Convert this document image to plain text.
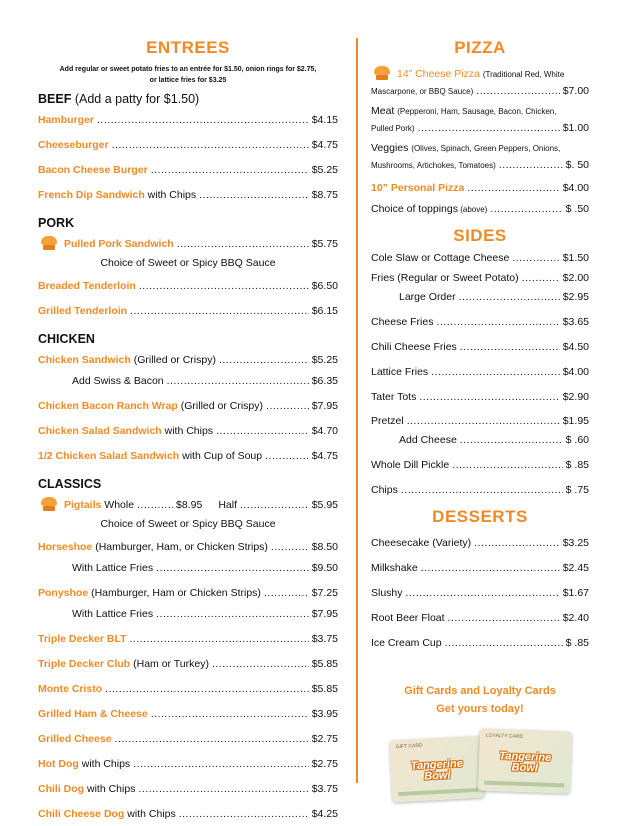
ENTREES
Add regular or sweet potato fries to an entrée for $1.50, onion rings for $2.75,
or lattice fries for $3.25
BEEF (Add a patty for $1.50)
Hamburger .....	$4.15
Cheeseburger .....	$4.75
Bacon Cheese Burger .....	$5.25
French Dip Sandwich with Chips .....	$8.75
PORK
Pulled Pork Sandwich .....	$5.75
Choice of Sweet or Spicy BBQ Sauce
Breaded Tenderloin .....	$6.50
Grilled Tenderloin .....	$6.15
CHICKEN
Chicken Sandwich (Grilled or Crispy) .....	$5.25
Add Swiss & Bacon .....	$6.35
Chicken Bacon Ranch Wrap (Grilled or Crispy) .....	$7.95
Chicken Salad Sandwich with Chips .....	$4.70
1/2 Chicken Salad Sandwich with Cup of Soup .....	$4.75
CLASSICS
Pigtails Whole .....	$8.95 Half .....	$5.95
Choice of Sweet or Spicy BBQ Sauce
Horseshoe (Hamburger, Ham, or Chicken Strips) .....	$8.50
With Lattice Fries .....	$9.50
Ponyshoe (Hamburger, Ham or Chicken Strips) .....	$7.25
With Lattice Fries .....	$7.95
Triple Decker BLT .....	$3.75
Triple Decker Club (Ham or Turkey) .....	$5.85
Monte Cristo .....	$5.85
Grilled Ham & Cheese .....	$3.95
Grilled Cheese .....	$2.75
Hot Dog with Chips .....	$2.75
Chili Dog with Chips .....	$3.75
Chili Cheese Dog with Chips .....	$4.25
PIZZA
14” Cheese Pizza (Traditional Red, White
Mascarpone, or BBQ Sauce) .....	$7.00
Meat (Pepperoni, Ham, Sausage, Bacon, Chicken,
Pulled Pork) .....	$1.00
Veggies (Olives, Spinach, Green Peppers, Onions,
Mushrooms, Artichokes, Tomatoes) .....	$. 50
10” Personal Pizza .....	$4.00
Choice of toppings (above) .....	$ .50
SIDES
Cole Slaw or Cottage Cheese .....	$1.50
Fries (Regular or Sweet Potato) .....	$2.00
Large Order .....	$2.95
Cheese Fries .....	$3.65
Chili Cheese Fries .....	$4.50
Lattice Fries .....	$4.00
Tater Tots .....	$2.90
Pretzel .....	$1.95
Add Cheese .....	$ .60
Whole Dill Pickle .....	$ .85
Chips .....	$ .75
DESSERTS
Cheesecake (Variety) .....	$3.25
Milkshake .....	$2.45
Slushy .....	$1.67
Root Beer Float .....	$2.40
Ice Cream Cup .....	$ .85
Gift Cards and Loyalty Cards
Get yours today!
GIFT CARD
Tangerine
Bowl
LOYALTY CARD
Tangerine
Bowl
